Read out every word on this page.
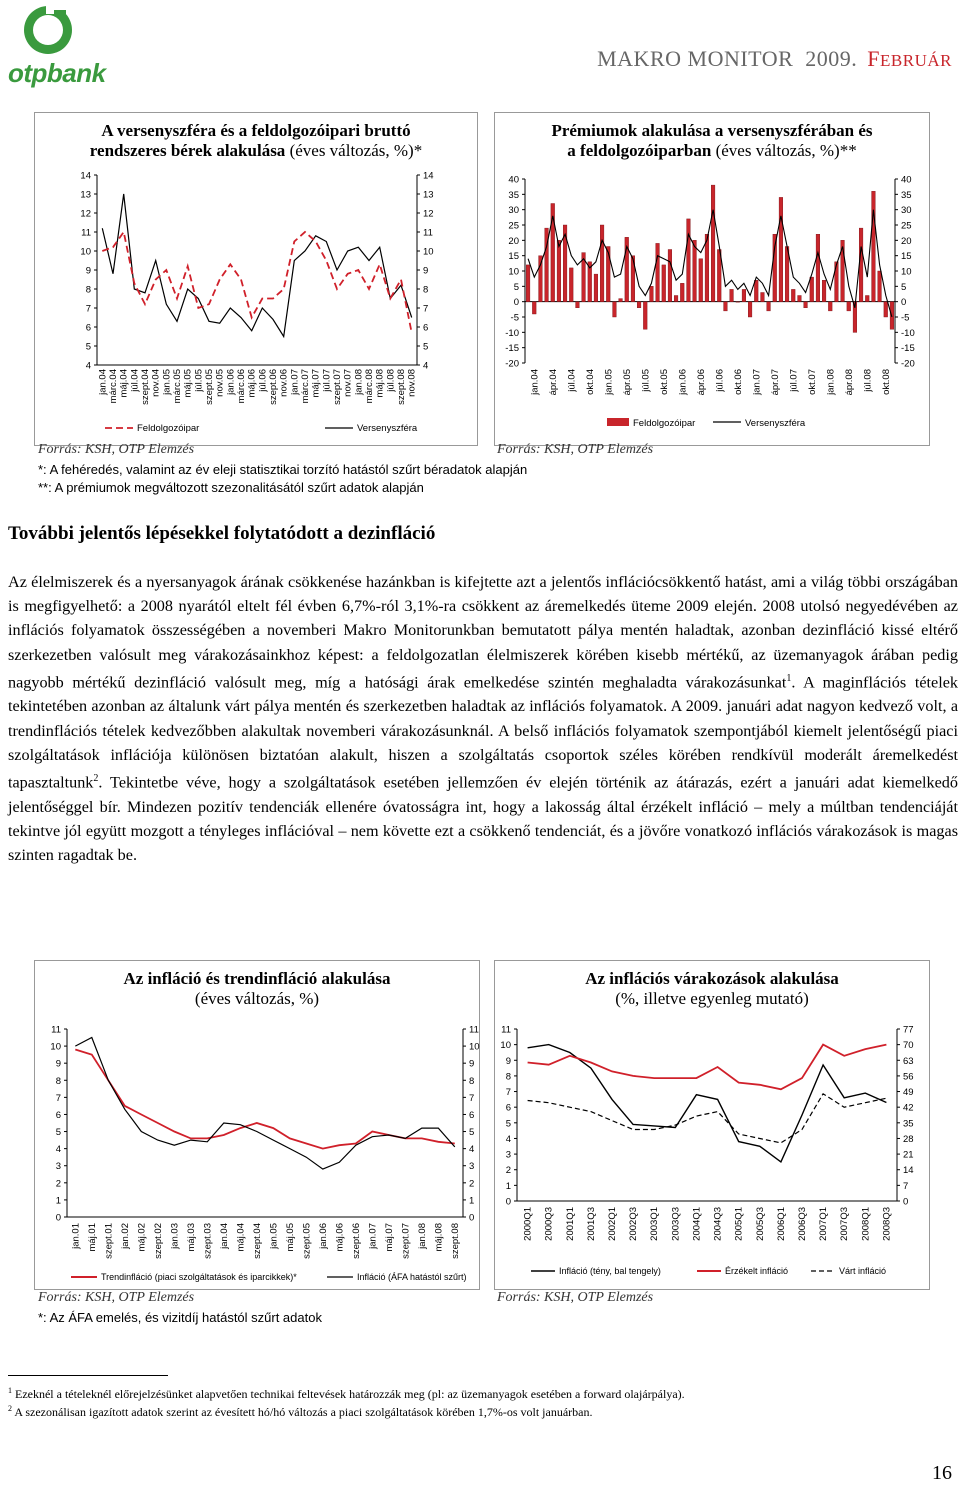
otpbank	MAKRO MONITOR 2009. FEBRUÁR
A versenyszféra és a feldolgozóipari bruttó
rendszeres bérek alakulása (éves változás, %)*
14
13
12
11
10
9
8
7
6
5
4
14
13
12
11
10
9
8
7
6
5
4
jan.04 márc.04 máj.04 júl.04 szept.04 nov.04 jan.05 márc.05 máj.05 júl.05 szept.05 nov.05 jan.06 márc.06 máj.06 júl.06 szept.06 nov.06 jan.07 márc.07 máj.07 júl.07 szept.07 nov.07 jan.08 márc.08 máj.08 júl.08 szept.08 nov.08
Feldolgozóipar	Versenyszféra
Prémiumok alakulása a versenyszférában és
a feldolgozóiparban (éves változás, %)**
40
35
30
25
20
15
10
5
0
-5
-10
-15
-20
40
35
30
25
20
15
10
5
0
-5
-10
-15
-20
jan.04 ápr.04 júl.04 okt.04 jan.05 ápr.05 júl.05 okt.05 jan.06 ápr.06 júl.06 okt.06 jan.07 ápr.07 júl.07 okt.07 jan.08 ápr.08 júl.08 okt.08
Feldolgozóipar	Versenyszféra
Forrás: KSH, OTP Elemzés	Forrás: KSH, OTP Elemzés
*: A fehéredés, valamint az év eleji statisztikai torzító hatástól szűrt béradatok alapján
**: A prémiumok megváltozott szezonalitásától szűrt adatok alapján
További jelentős lépésekkel folytatódott a dezinfláció
Az élelmiszerek és a nyersanyagok árának csökkenése hazánkban is kifejtette azt a jelentős inflációcsökkentő hatást, ami a világ többi országában is megfigyelhető: a 2008 nyarától eltelt fél évben 6,7%-ról 3,1%-ra csökkent az áremelkedés üteme 2009 elején. 2008 utolsó negyedévében az inflációs folyamatok összességében a novemberi Makro Monitorunkban bemutatott pálya mentén haladtak, azonban dezinfláció kissé eltérő szerkezetben valósult meg várakozásainkhoz képest: a feldolgozatlan élelmiszerek körében kisebb mértékű, az üzemanyagok árában pedig nagyobb mértékű dezinfláció valósult meg, míg a hatósági árak emelkedése szintén meghaladta várakozásunkat$^1$. A maginflációs tételek tekintetében azonban az általunk várt pálya mentén és szerkezetben haladtak az inflációs folyamatok. A 2009. januári adat nagyon kedvező volt, a trendinflációs tételek kedvezőbben alakultak novemberi várakozásunknál. A belső inflációs folyamatok szempontjából kiemelt jelentőségű piaci szolgáltatások inflációja különösen biztatóan alakult, hiszen a szolgáltatás csoportok széles körében rendkívül moderált áremelkedést tapasztaltunk$^2$. Tekintetbe véve, hogy a szolgáltatások esetében jellemzően év elején történik az átárazás, ezért a januári adat kiemelkedő jelentőséggel bír. Mindezen pozitív tendenciák ellenére óvatosságra int, hogy a lakosság által érzékelt infláció – mely a múltban tendenciáját tekintve jól együtt mozgott a tényleges inflációval – nem követte ezt a csökkenő tendenciát, és a jövőre vonatkozó inflációs várakozások is magas szinten ragadtak be.
Az infláció és trendinfláció alakulása
(éves változás, %)
11
10
9
8
7
6
5
4
3
2
1
0
11
10
9
8
7
6
5
4
3
2
1
0
jan.01 máj.01 szept.01 jan.02 máj.02 szept.02 jan.03 máj.03 szept.03 jan.04 máj.04 szept.04 jan.05 máj.05 szept.05 jan.06 máj.06 szept.06 jan.07 máj.07 szept.07 jan.08 máj.08 szept.08
Trendinfláció (piaci szolgáltatások és iparcikkek)*	Infláció (ÁFA hatástól szűrt)
Az inflációs várakozások alakulása
(%, illetve egyenleg mutató)
11
10
9
8
7
6
5
4
3
2
1
0
77
70
63
56
49
42
35
28
21
14
7
0
2000Q1 2000Q3 2001Q1 2001Q3 2002Q1 2002Q3 2003Q1 2003Q3 2004Q1 2004Q3 2005Q1 2005Q3 2006Q1 2006Q3 2007Q1 2007Q3 2008Q1 2008Q3
Infláció (tény, bal tengely)	Érzékelt infláció	Várt infláció
Forrás: KSH, OTP Elemzés	Forrás: KSH, OTP Elemzés
*: Az ÁFA emelés, és vizitdíj hatástól szűrt adatok
$^1$ Ezeknél a tételeknél előrejelzésünket alapvetően technikai feltevések határozzák meg (pl: az üzemanyagok esetében a forward olajárpálya).
$^2$ A szezonálisan igazított adatok szerint az évesített hó/hó változás a piaci szolgáltatások körében 1,7%-os volt januárban.
16
